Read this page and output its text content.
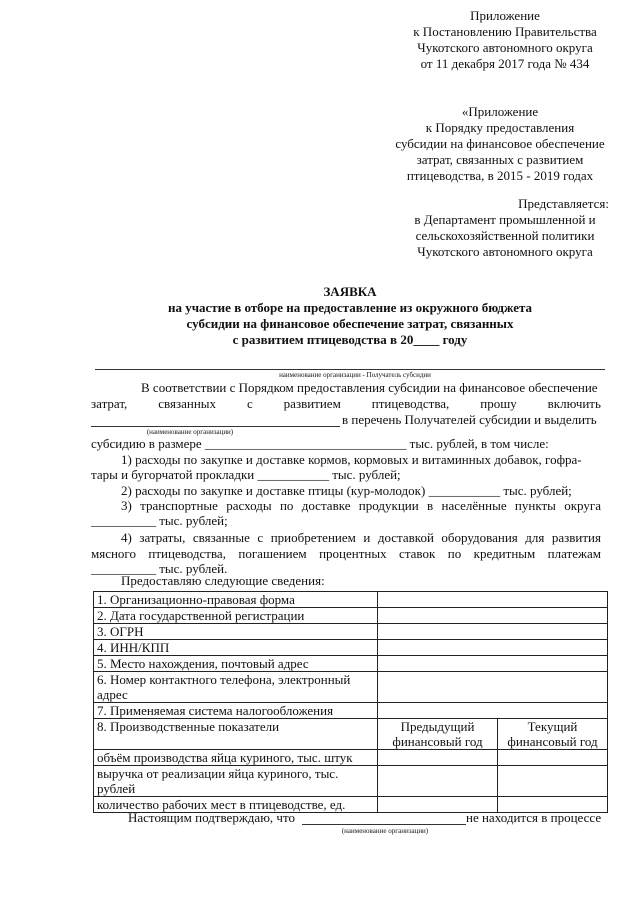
Приложение
к Постановлению Правительства
Чукотского автономного округа
от 11 декабря 2017 года № 434
«Приложение
к Порядку предоставления
субсидии на финансовое обеспечение
затрат, связанных с развитием
птицеводства, в 2015 - 2019 годах
Представляется:
в Департамент промышленной и
сельскохозяйственной политики
Чукотского автономного округа
ЗАЯВКА
на участие в отборе на предоставление из окружного бюджета
субсидии на финансовое обеспечение затрат, связанных
с развитием птицеводства в 20____ году
наименование организации - Получатель субсидии
В соответствии с Порядком предоставления субсидии на финансовое обеспечение
затрат, связанных с развитием птицеводства, прошу включить
в перечень Получателей субсидии и выделить
(наименование организации)
субсидию в размере _______________________________ тыс. рублей, в том числе:
1) расходы по закупке и доставке кормов, кормовых и витаминных добавок, гофра-
тары и бугорчатой прокладки ___________ тыс. рублей;
2) расходы по закупке и доставке птицы (кур-молодок) ___________ тыс. рублей;
3) транспортные расходы по доставке продукции в населённые пункты округа
__________ тыс. рублей;
4) затраты, связанные с приобретением и доставкой оборудования для развития
мясного птицеводства, погашением процентных ставок по кредитным платежам
__________ тыс. рублей.
Предоставляю следующие сведения:
1. Организационно-правовая форма		
2. Дата государственной регистрации		
3. ОГРН		
4. ИНН/КПП		
5. Место нахождения, почтовый адрес		
6. Номер контактного телефона, электронный адрес		
7. Применяемая система налогообложения		
8. Производственные показатели	Предыдущий финансовый год	Текущий финансовый год
объём производства яйца куриного, тыс. штук		
выручка от реализации яйца куриного, тыс. рублей		
количество рабочих мест в птицеводстве, ед.		
Настоящим подтверждаю, что	не находится в процессе
(наименование организации)
